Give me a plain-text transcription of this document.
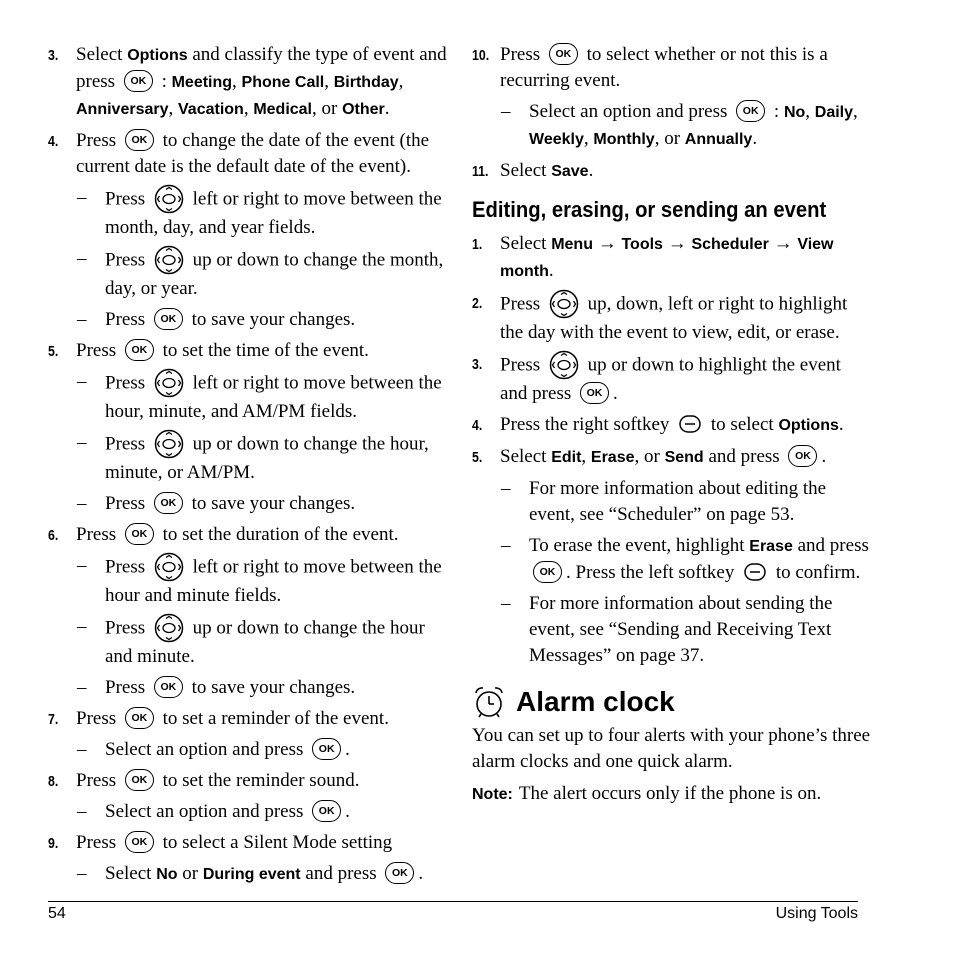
3. Select Options and classify the type of event and press OK : Meeting, Phone Call, Birthday, Anniversary, Vacation, Medical, or Other.
4. Press OK to change the date of the event (the current date is the default date of the event).
– Press  left or right to move between the month, day, and year fields.
– Press  up or down to change the month, day, or year.
– Press OK to save your changes.
5. Press OK to set the time of the event.
– Press  left or right to move between the hour, minute, and AM/PM fields.
– Press  up or down to change the hour, minute, or AM/PM.
– Press OK to save your changes.
6. Press OK to set the duration of the event.
– Press  left or right to move between the hour and minute fields.
– Press  up or down to change the hour and minute.
– Press OK to save your changes.
7. Press OK to set a reminder of the event.
– Select an option and press OK .
8. Press OK to set the reminder sound.
– Select an option and press OK .
9. Press OK to select a Silent Mode setting
– Select No or During event and press OK .
10. Press OK to select whether or not this is a recurring event.
– Select an option and press OK : No, Daily, Weekly, Monthly, or Annually.
11. Select Save.
Editing, erasing, or sending an event
1. Select Menu → Tools → Scheduler → View month.
2. Press  up, down, left or right to highlight the day with the event to view, edit, or erase.
3. Press  up or down to highlight the event and press OK .
4. Press the right softkey  to select Options.
5. Select Edit, Erase, or Send and press OK .
– For more information about editing the event, see “Scheduler” on page 53.
– To erase the event, highlight Erase and press OK . Press the left softkey  to confirm.
– For more information about sending the event, see “Sending and Receiving Text Messages” on page 37.
Alarm clock

You can set up to four alerts with your phone’s three alarm clocks and one quick alarm.

Note: The alert occurs only if the phone is on.

54	Using Tools
